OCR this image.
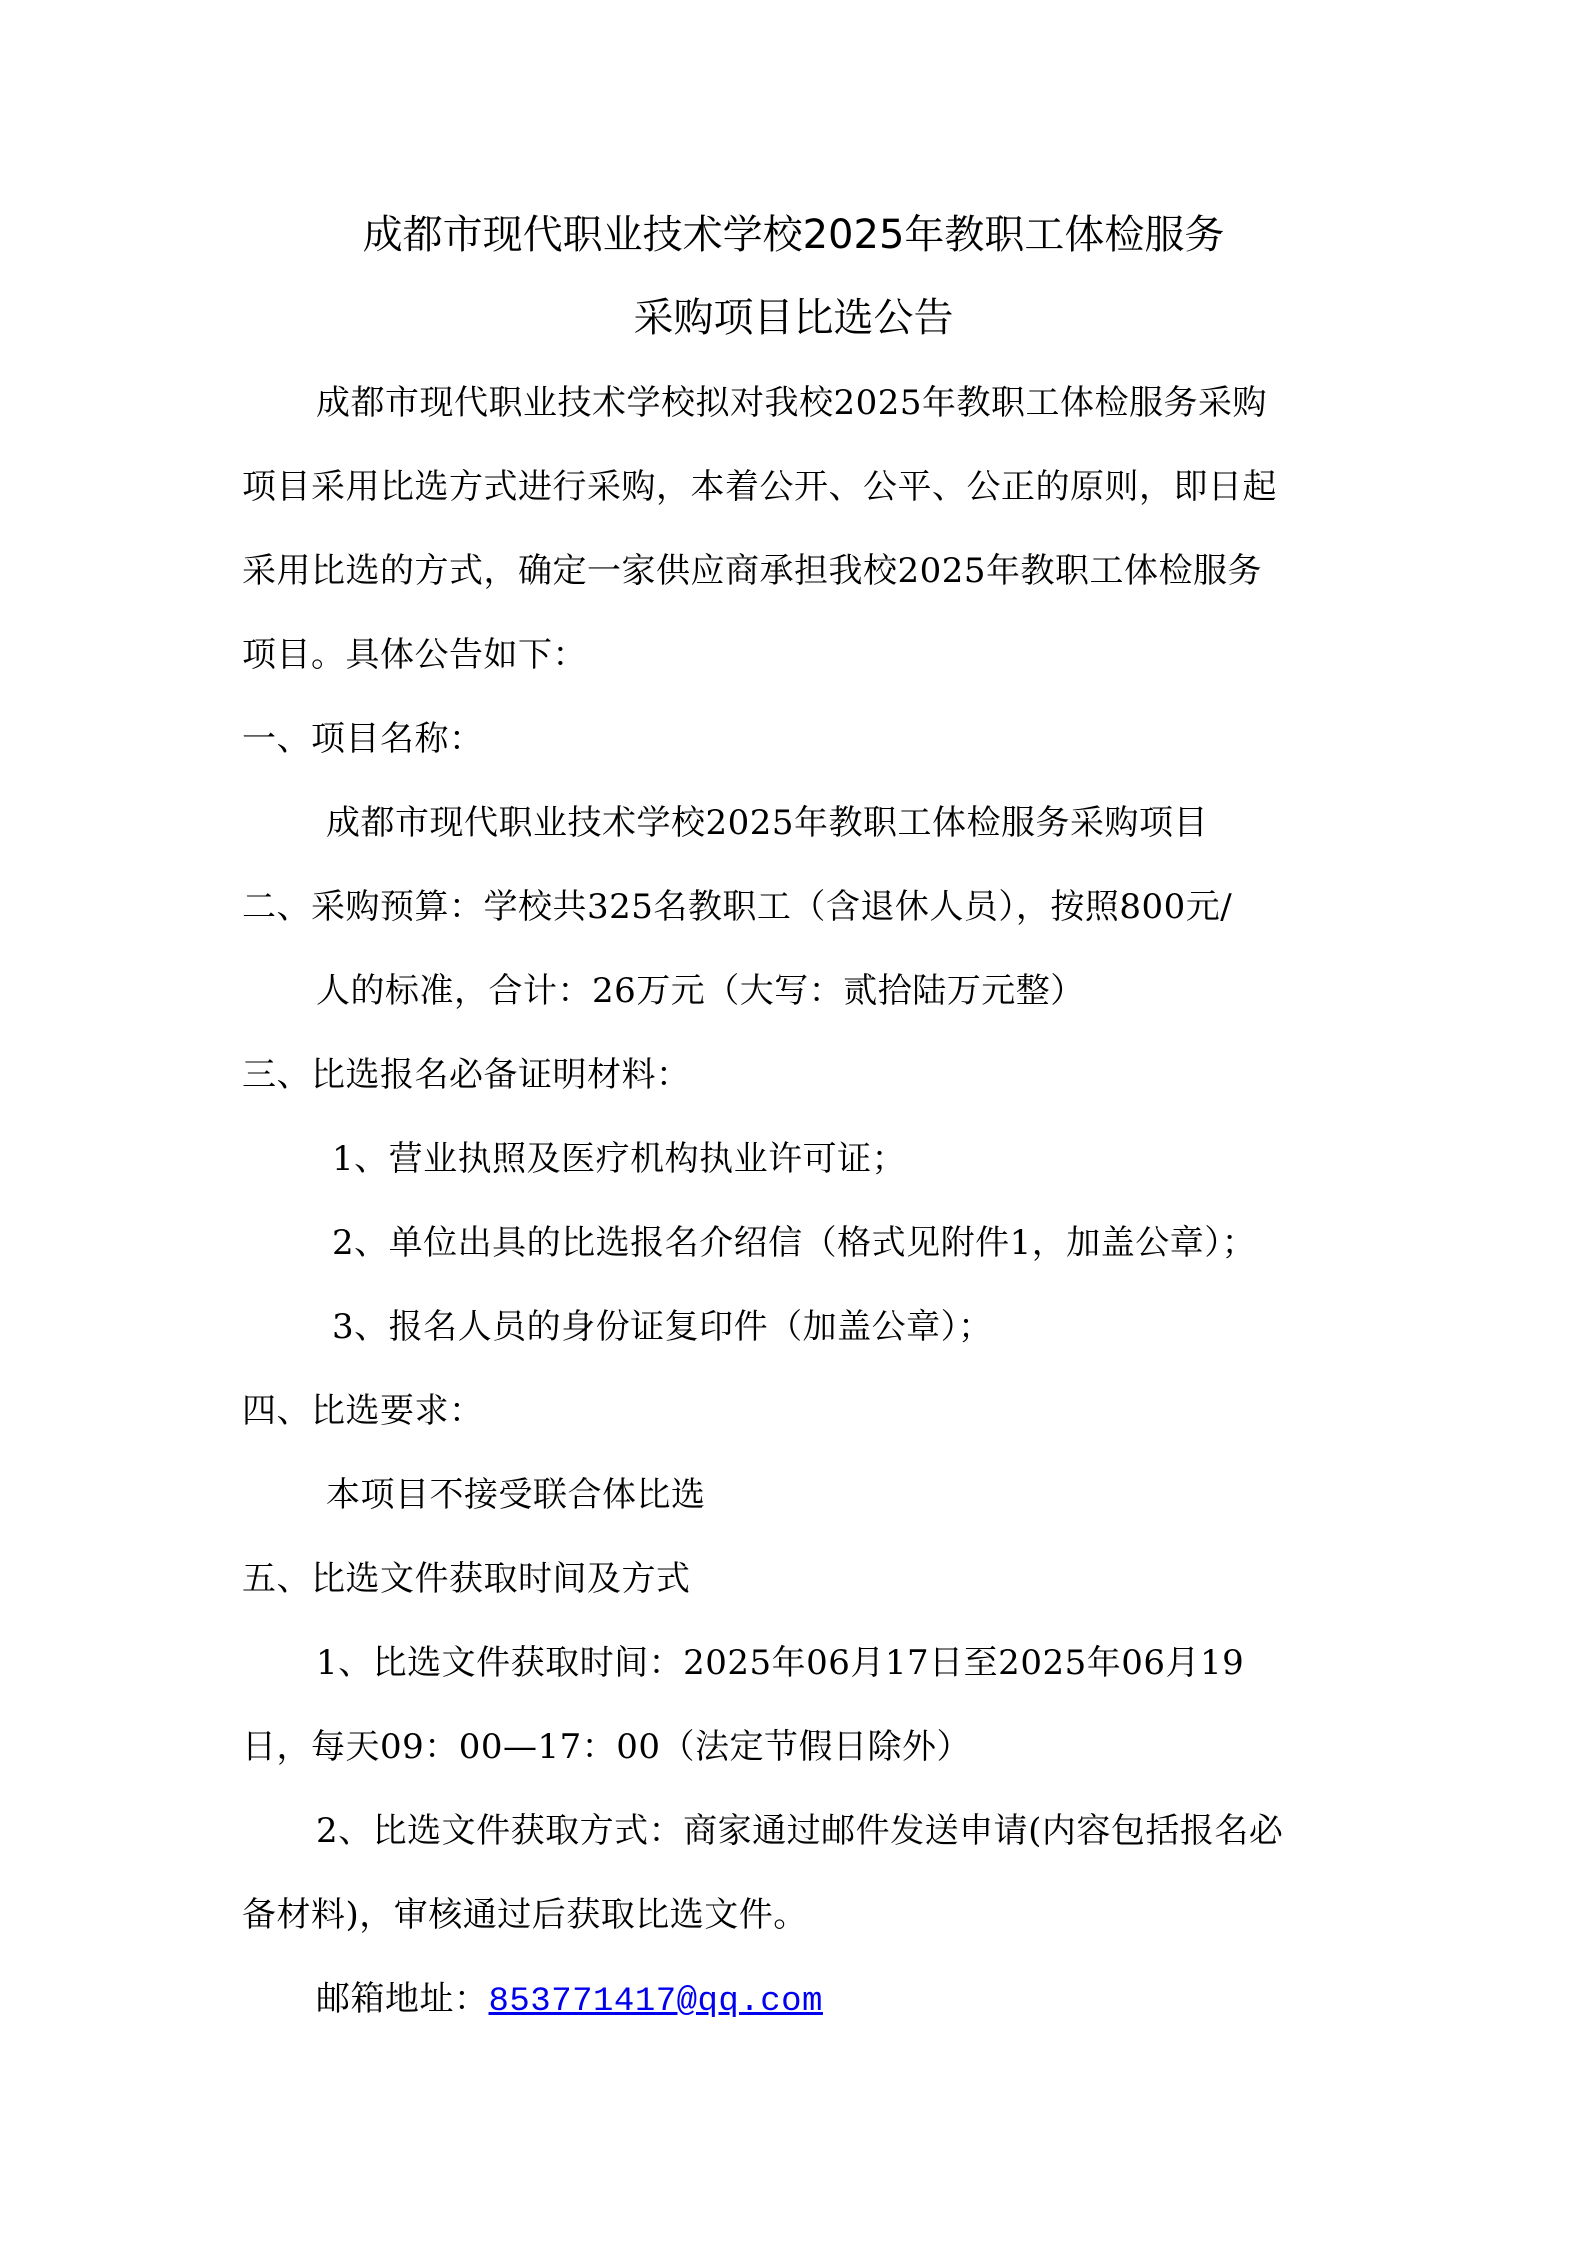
成都市现代职业技术学校2025年教职工体检服务
采购项目比选公告
成都市现代职业技术学校拟对我校2025年教职工体检服务采购
项目采用比选方式进行采购，本着公开、公平、公正的原则，即日起
采用比选的方式，确定一家供应商承担我校2025年教职工体检服务
项目。具体公告如下：
一、项目名称：
成都市现代职业技术学校2025年教职工体检服务采购项目
二、采购预算：学校共325名教职工（含退休人员），按照800元/
人的标准，合计：26万元（大写：贰拾陆万元整）
三、比选报名必备证明材料：
1、营业执照及医疗机构执业许可证；
2、单位出具的比选报名介绍信（格式见附件1，加盖公章）；
3、报名人员的身份证复印件（加盖公章）；
四、比选要求：
本项目不接受联合体比选
五、比选文件获取时间及方式
1、比选文件获取时间：2025年06月17日至2025年06月19
日，每天09：00—17：00（法定节假日除外）
2、比选文件获取方式：商家通过邮件发送申请(内容包括报名必
备材料)，审核通过后获取比选文件。
邮箱地址：853771417@qq.com
